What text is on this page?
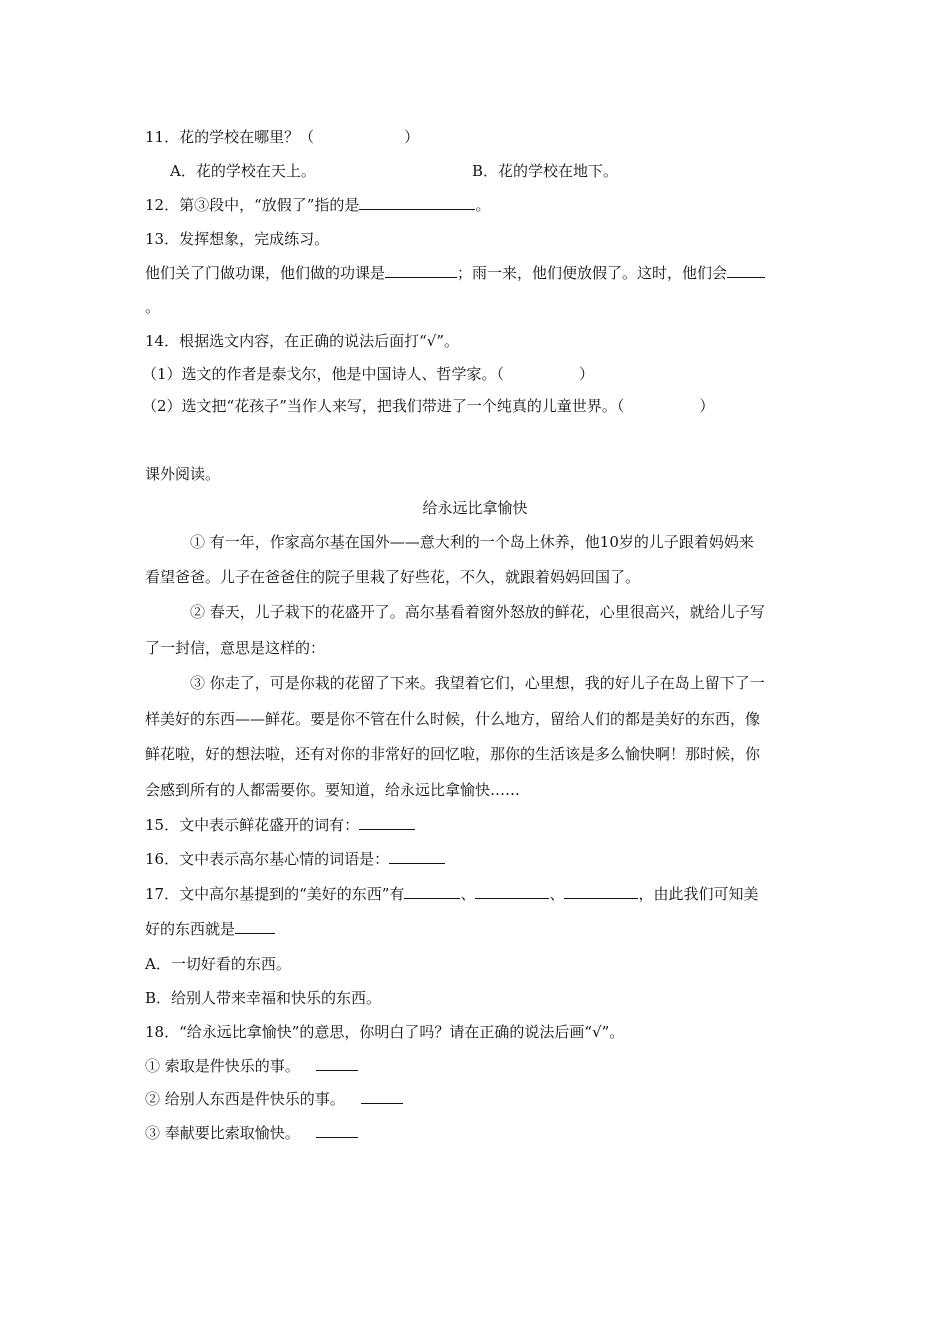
11．花的学校在哪里？（　　　　　　）
A．花的学校在天上。	B．花的学校在地下。
12．第③段中，“放假了”指的是	。
13．发挥想象，完成练习。
他们关了门做功课，他们做的功课是	；雨一来，他们便放假了。这时，他们会
。
14．根据选文内容，在正确的说法后面打“√”。
（1）选文的作者是泰戈尔，他是中国诗人、哲学家。（　　　　　）
（2）选文把“花孩子”当作人来写，把我们带进了一个纯真的儿童世界。（　　　　　）
课外阅读。
给永远比拿愉快
① 有一年，作家高尔基在国外——意大利的一个岛上休养，他10岁的儿子跟着妈妈来
看望爸爸。儿子在爸爸住的院子里栽了好些花，不久，就跟着妈妈回国了。
② 春天，儿子栽下的花盛开了。高尔基看着窗外怒放的鲜花，心里很高兴，就给儿子写
了一封信，意思是这样的：
③ 你走了，可是你栽的花留了下来。我望着它们，心里想，我的好儿子在岛上留下了一
样美好的东西——鲜花。要是你不管在什么时候，什么地方，留给人们的都是美好的东西，像
鲜花啦，好的想法啦，还有对你的非常好的回忆啦，那你的生活该是多么愉快啊！那时候，你
会感到所有的人都需要你。要知道，给永远比拿愉快……
15．文中表示鲜花盛开的词有：
16．文中表示高尔基心情的词语是：
17．文中高尔基提到的“美好的东西”有	、	、	，由此我们可知美
好的东西就是
A．一切好看的东西。
B．给别人带来幸福和快乐的东西。
18．“给永远比拿愉快”的意思，你明白了吗？请在正确的说法后画“√”。
① 索取是件快乐的事。
② 给别人东西是件快乐的事。
③ 奉献要比索取愉快。
